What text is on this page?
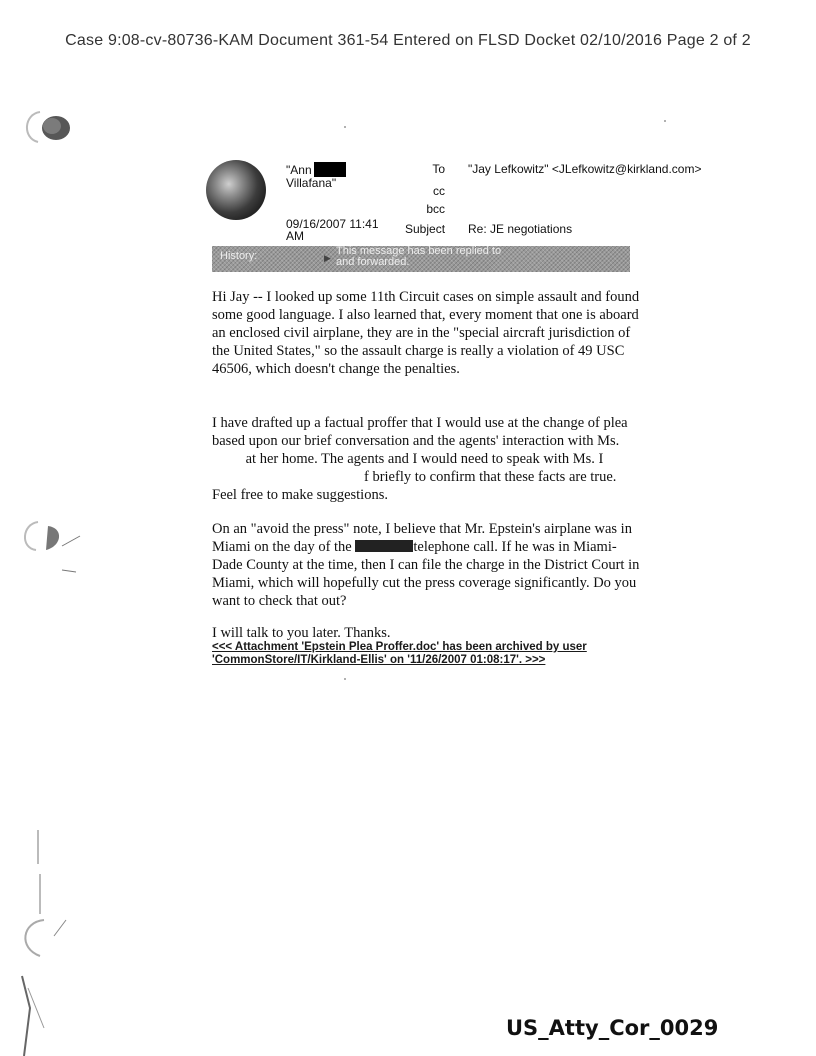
Case 9:08-cv-80736-KAM Document 361-54 Entered on FLSD Docket 02/10/2016 Page 2 of 2
"Ann
Villafana"
09/16/2007 11:41
AM
To "Jay Lefkowitz" <JLefkowitz@kirkland.com>
cc
bcc
Subject Re: JE negotiations
History:	▶
This message has been replied to
and forwarded.

Hi Jay -- I looked up some 11th Circuit cases on simple assault and found some good language. I also learned that, every moment that one is aboard an enclosed civil airplane, they are in the "special aircraft jurisdiction of the United States," so the assault charge is really a violation of 49 USC 46506, which doesn't change the penalties.

I have drafted up a factual proffer that I would use at the change of plea based upon our brief conversation and the agents' interaction with Ms.  at her home. The agents and I would need to speak with Ms. I f briefly to confirm that these facts are true. Feel free to make suggestions.

On an "avoid the press" note, I believe that Mr. Epstein's airplane was in Miami on the day of the	telephone call. If he was in Miami-Dade County at the time, then I can file the charge in the District Court in Miami, which will hopefully cut the press coverage significantly. Do you want to check that out?

I will talk to you later. Thanks.

<<< Attachment 'Epstein Plea Proffer.doc' has been archived by user
'CommonStore/IT/Kirkland-Ellis' on '11/26/2007 01:08:17'. >>>
US_Atty_Cor_0029
